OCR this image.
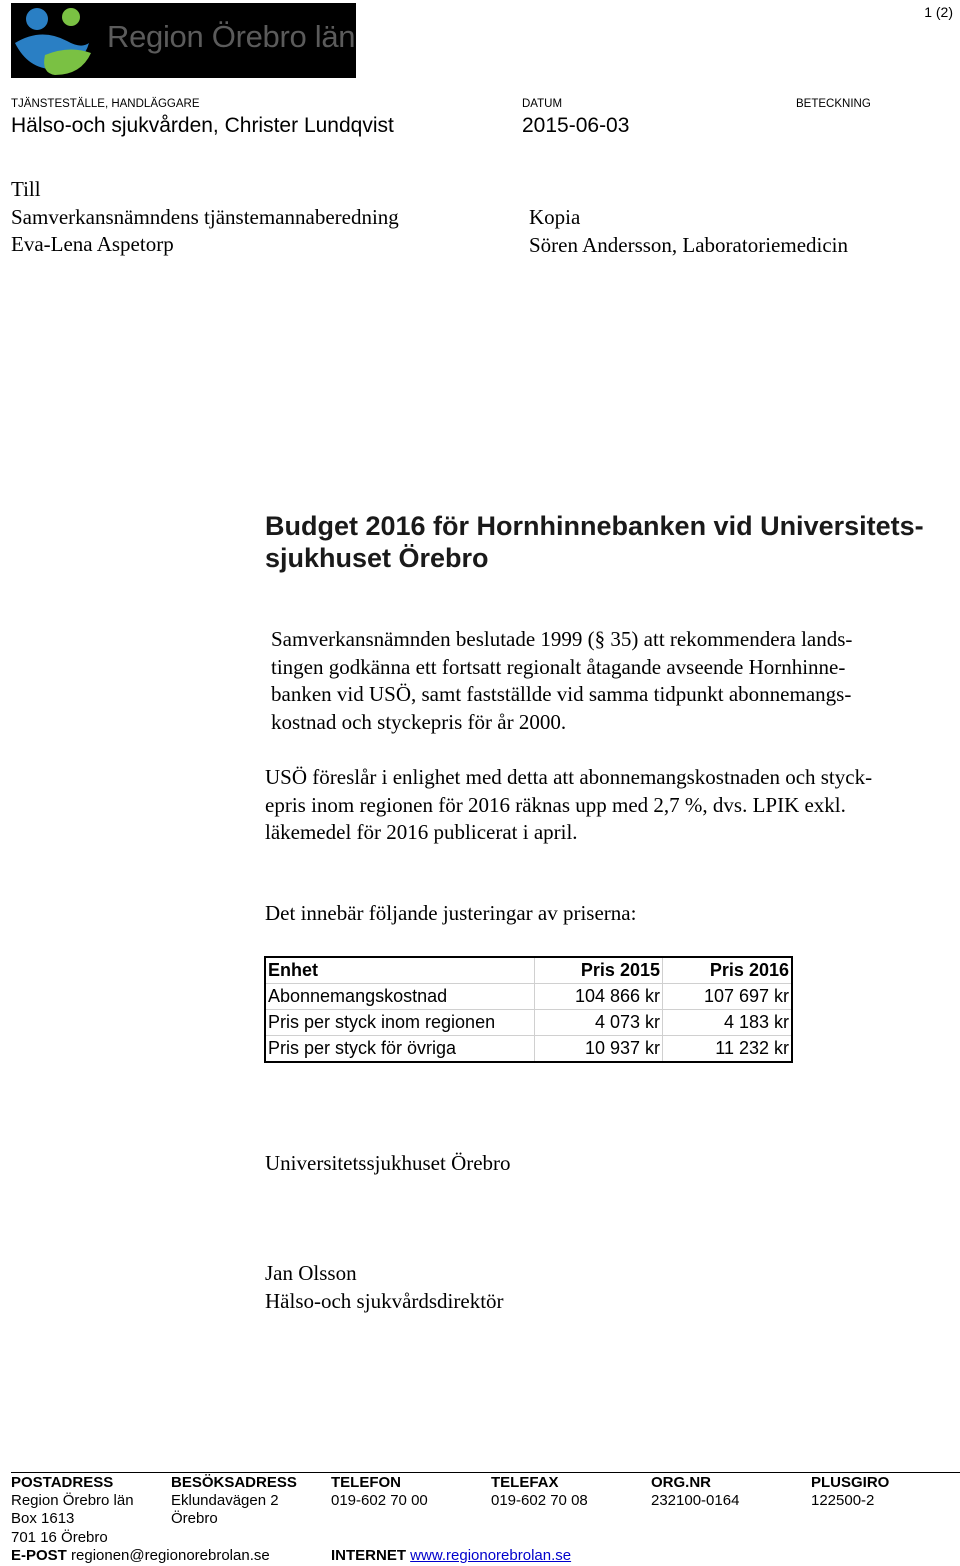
Region Örebro län
1 (2)
TJÄNSTESTÄLLE, HANDLÄGGARE
Hälso-och sjukvården, Christer Lundqvist
DATUM
2015-06-03
BETECKNING
Till
Samverkansnämndens tjänstemannaberedning
Eva-Lena Aspetorp
Kopia
Sören Andersson, Laboratoriemedicin
Budget 2016 för Hornhinnebanken vid Universitets-
sjukhuset Örebro
Samverkansnämnden beslutade 1999 (§ 35) att rekommendera lands-
tingen godkänna ett fortsatt regionalt åtagande avseende Hornhinne-
banken vid USÖ, samt fastställde vid samma tidpunkt abonnemangs-
kostnad och styckepris för år 2000.
USÖ föreslår i enlighet med detta att abonnemangskostnaden och styck-
epris inom regionen för 2016 räknas upp med 2,7 %, dvs. LPIK exkl.
läkemedel för 2016 publicerat i april.
Det innebär följande justeringar av priserna:
Enhet	Pris 2015	Pris 2016
Abonnemangskostnad	104 866 kr	107 697 kr
Pris per styck inom regionen	4 073 kr	4 183 kr
Pris per styck för övriga	10 937 kr	11 232 kr
Universitetssjukhuset Örebro
Jan Olsson
Hälso-och sjukvårdsdirektör
POSTADRESS
Region Örebro län
Box 1613
701 16 Örebro
BESÖKSADRESS
Eklundavägen 2
Örebro
TELEFON
019-602 70 00
TELEFAX
019-602 70 08
ORG.NR
232100-0164
PLUSGIRO
122500-2
E-POST regionen@regionorebrolan.se	INTERNET www.regionorebrolan.se
